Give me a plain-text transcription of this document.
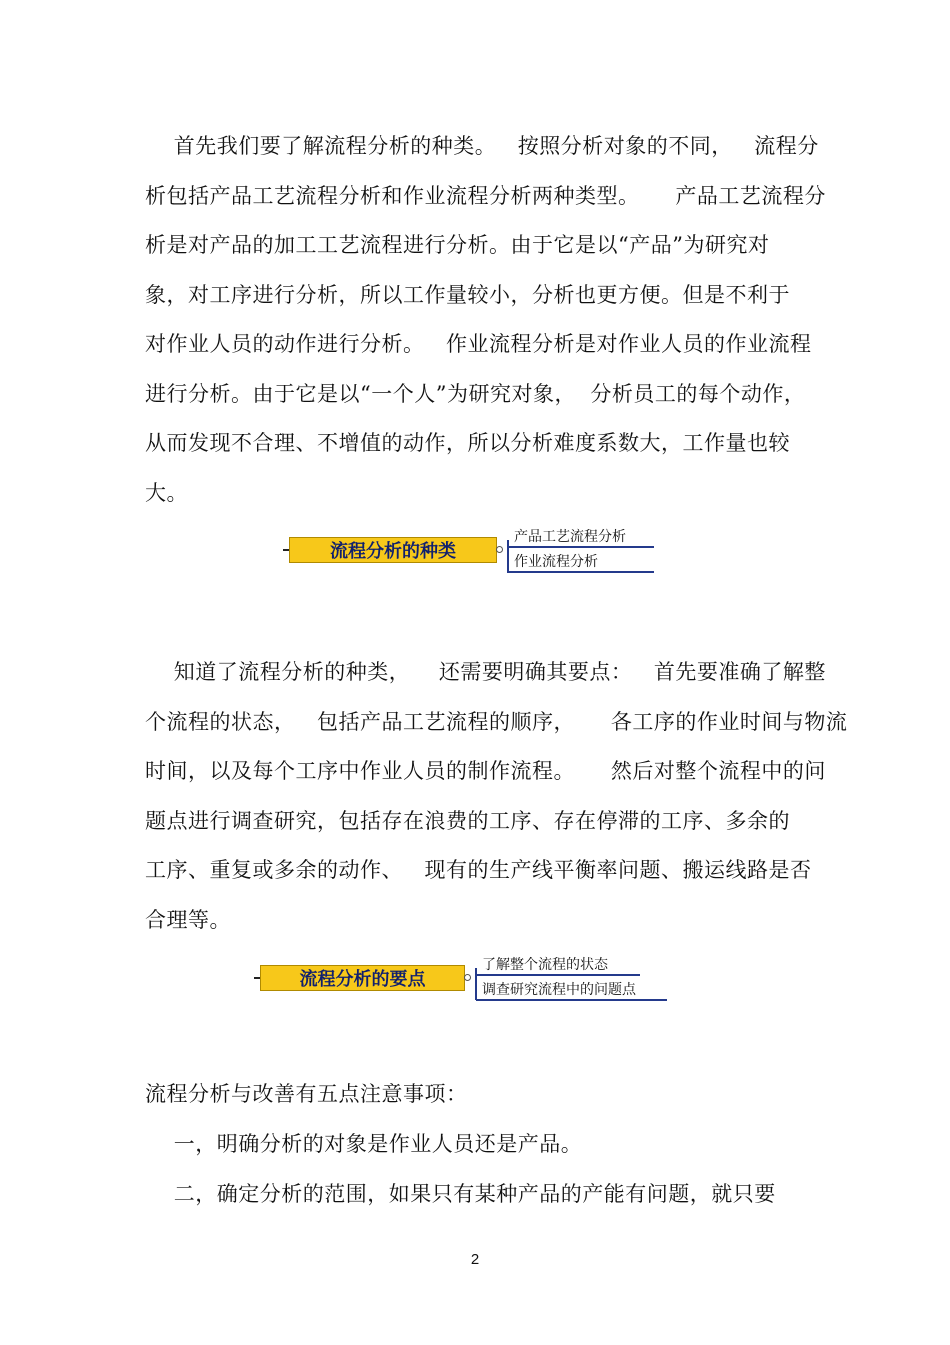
首先我们要了解流程分析的种类。   按照分析对象的不同，   流程分
析包括产品工艺流程分析和作业流程分析两种类型。     产品工艺流程分
析是对产品的加工工艺流程进行分析。由于它是以“产品”为研究对
象，对工序进行分析，所以工作量较小，分析也更方便。但是不利于
对作业人员的动作进行分析。   作业流程分析是对作业人员的作业流程
进行分析。由于它是以“一个人”为研究对象，  分析员工的每个动作，
从而发现不合理、不增值的动作，所以分析难度系数大，工作量也较
大。
流程分析的种类
产品工艺流程分析
作业流程分析
知道了流程分析的种类，    还需要明确其要点：   首先要准确了解整
个流程的状态，   包括产品工艺流程的顺序，     各工序的作业时间与物流
时间，以及每个工序中作业人员的制作流程。     然后对整个流程中的问
题点进行调查研究，包括存在浪费的工序、存在停滞的工序、多余的
工序、重复或多余的动作、   现有的生产线平衡率问题、搬运线路是否
合理等。
流程分析的要点
了解整个流程的状态
调查研究流程中的问题点
流程分析与改善有五点注意事项：
一，明确分析的对象是作业人员还是产品。
二，确定分析的范围，如果只有某种产品的产能有问题，就只要
2
